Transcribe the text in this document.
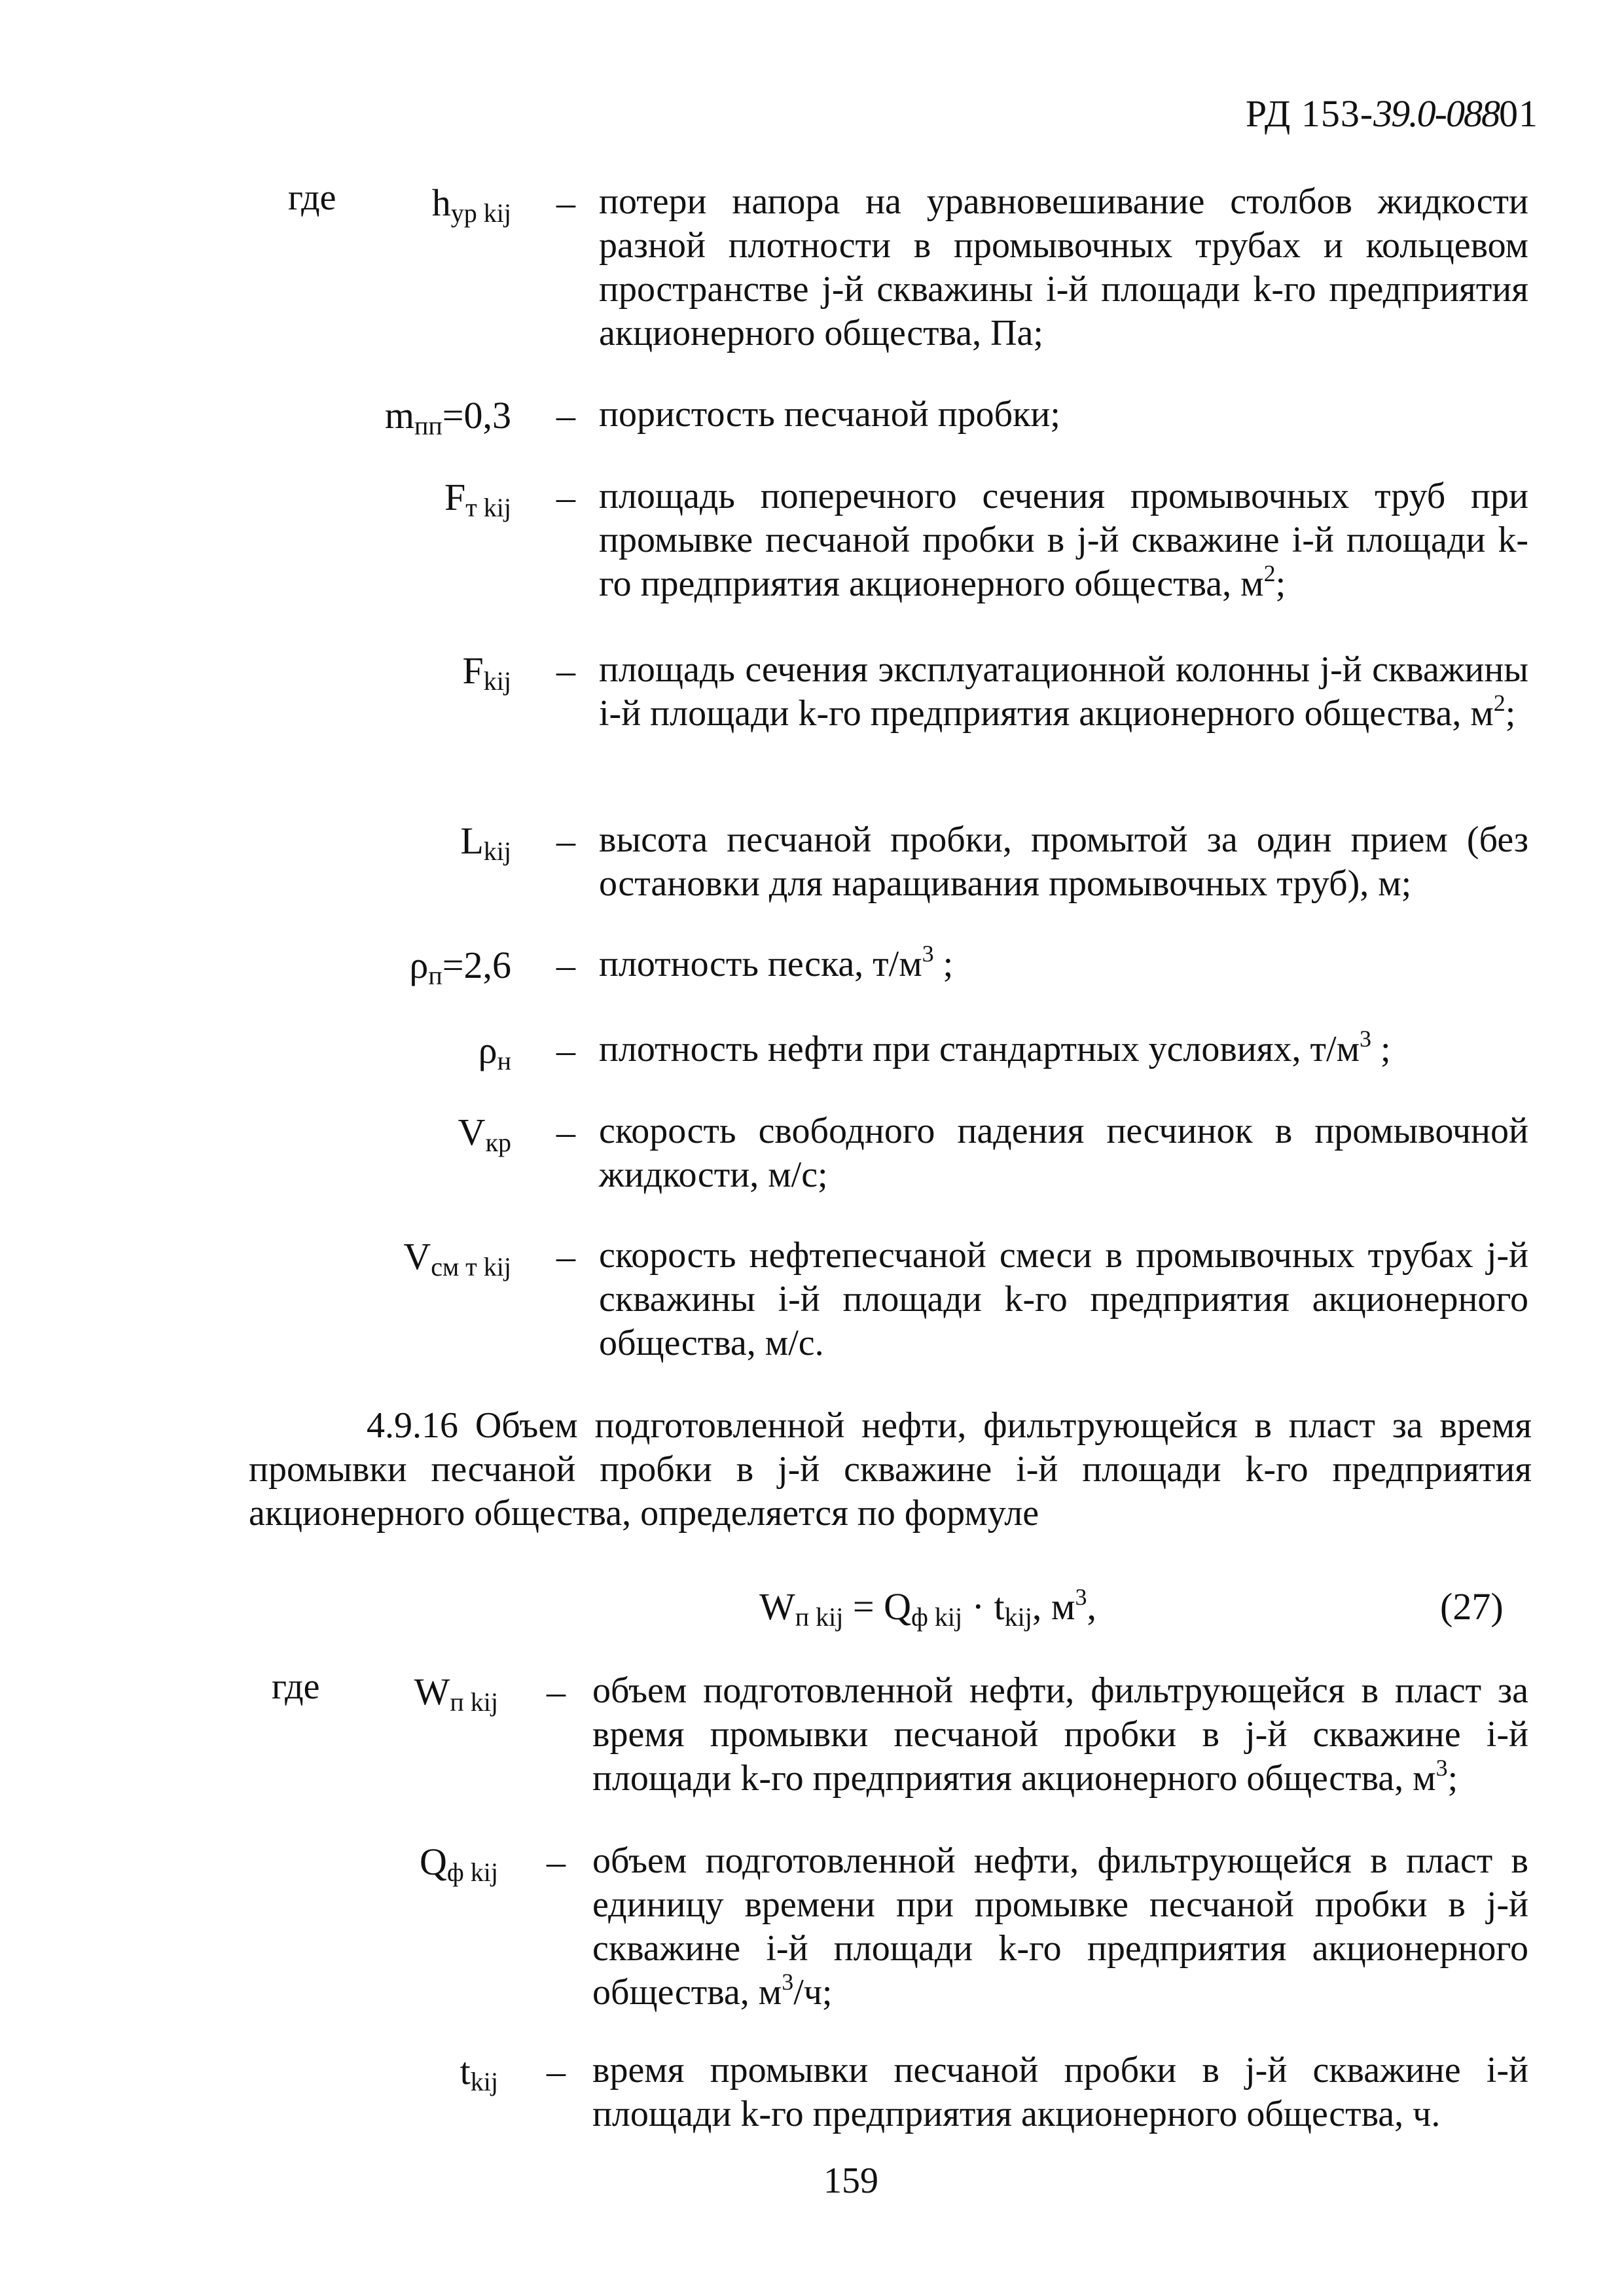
РД 153-39.0-08801
где	$h_{ур kij}$ – потери напора на уравновешивание столбов жидкости разной плотности в промывочных трубах и кольцевом пространстве j-й скважины i-й площади k-го предприятия акционерного общества, Па;
$m_{пп}=0,3$ – пористость песчаной пробки;
$F_{т kij}$ – площадь поперечного сечения промывочных труб при промывке песчаной пробки в j-й скважине i-й площади k-го предприятия акционерного общества, $м^2$;
$F_{kij}$ – площадь сечения эксплуатационной колонны j-й скважины i-й площади k-го предприятия акционерного общества, $м^2$;
$L_{kij}$ – высота песчаной пробки, промытой за один прием (без остановки для наращивания промывочных труб), м;
$\rho_п=2,6$ – плотность песка, $т/м^3$ ;
$\rho_н$ – плотность нефти при стандартных условиях, $т/м^3$ ;
$V_{кр}$ – скорость свободного падения песчинок в промывочной жидкости, м/с;
$V_{см т kij}$ – скорость нефтепесчаной смеси в промывочных трубах j-й скважины i-й площади k-го предприятия акционерного общества, м/с.
4.9.16 Объем подготовленной нефти, фильтрующейся в пласт за время промывки песчаной пробки в j-й скважине i-й площади k-го предприятия акционерного общества, определяется по формуле
$W_{п kij} = Q_{ф kij} \cdot t_{kij}$, $м^3$,	(27)
где $W_{п kij}$ – объем подготовленной нефти, фильтрующейся в пласт за время промывки песчаной пробки в j-й скважине i-й площади k-го предприятия акционерного общества, $м^3$;
$Q_{ф kij}$ – объем подготовленной нефти, фильтрующейся в пласт в единицу времени при промывке песчаной пробки в j-й скважине i-й площади k-го предприятия акционерного общества, $м^3/ч$;
$t_{kij}$ – время промывки песчаной пробки в j-й скважине i-й площади k-го предприятия акционерного общества, ч.
159
